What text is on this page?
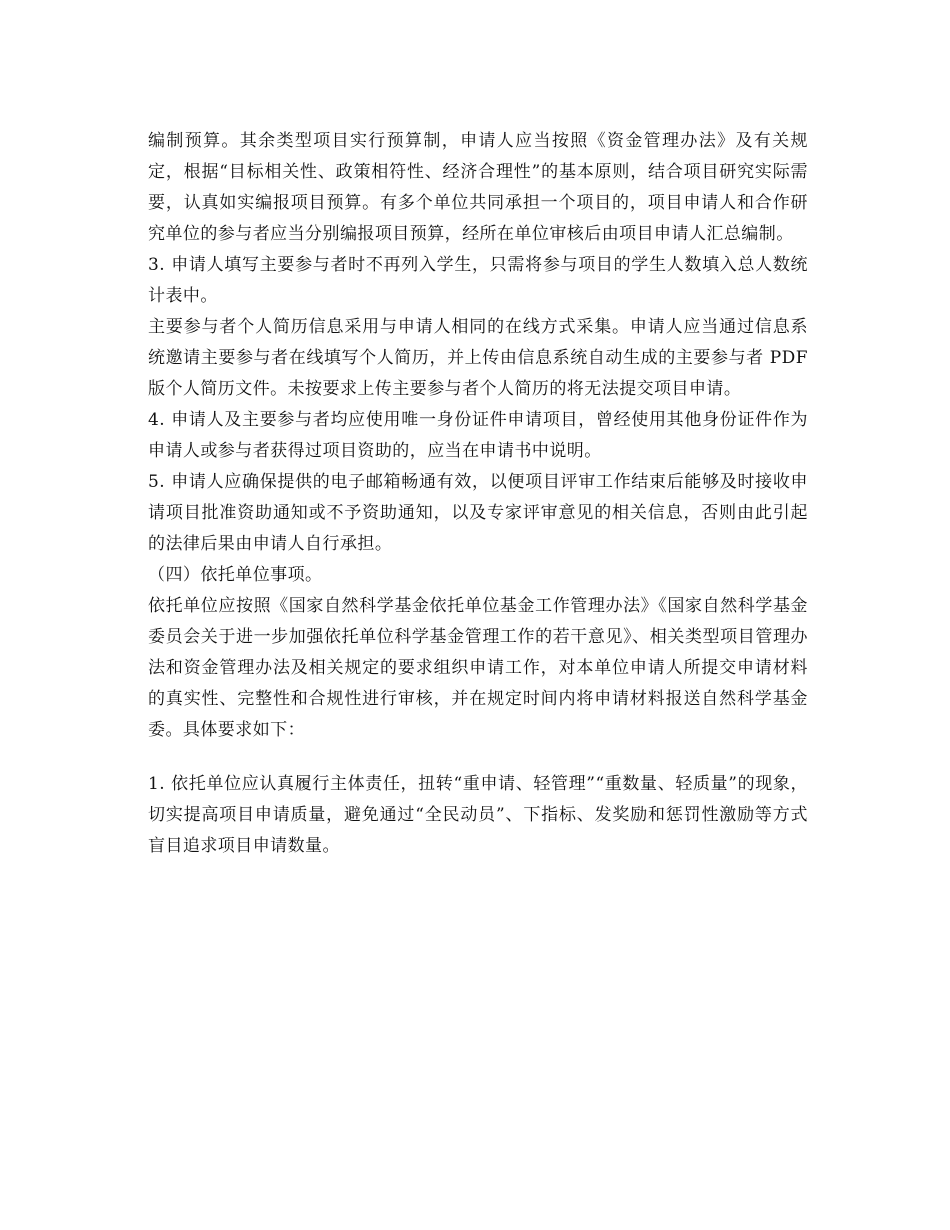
编制预算。其余类型项目实行预算制，申请人应当按照《资金管理办法》及有关规定，根据“目标相关性、政策相符性、经济合理性”的基本原则，结合项目研究实际需要，认真如实编报项目预算。有多个单位共同承担一个项目的，项目申请人和合作研究单位的参与者应当分别编报项目预算，经所在单位审核后由项目申请人汇总编制。

3. 申请人填写主要参与者时不再列入学生，只需将参与项目的学生人数填入总人数统计表中。

主要参与者个人简历信息采用与申请人相同的在线方式采集。申请人应当通过信息系统邀请主要参与者在线填写个人简历，并上传由信息系统自动生成的主要参与者 PDF 版个人简历文件。未按要求上传主要参与者个人简历的将无法提交项目申请。

4. 申请人及主要参与者均应使用唯一身份证件申请项目，曾经使用其他身份证件作为申请人或参与者获得过项目资助的，应当在申请书中说明。

5. 申请人应确保提供的电子邮箱畅通有效，以便项目评审工作结束后能够及时接收申请项目批准资助通知或不予资助通知，以及专家评审意见的相关信息，否则由此引起的法律后果由申请人自行承担。

（四）依托单位事项。

依托单位应按照《国家自然科学基金依托单位基金工作管理办法》《国家自然科学基金委员会关于进一步加强依托单位科学基金管理工作的若干意见》、相关类型项目管理办法和资金管理办法及相关规定的要求组织申请工作，对本单位申请人所提交申请材料的真实性、完整性和合规性进行审核，并在规定时间内将申请材料报送自然科学基金委。具体要求如下：

1. 依托单位应认真履行主体责任，扭转“重申请、轻管理”“重数量、轻质量”的现象，切实提高项目申请质量，避免通过“全民动员”、下指标、发奖励和惩罚性激励等方式盲目追求项目申请数量。
